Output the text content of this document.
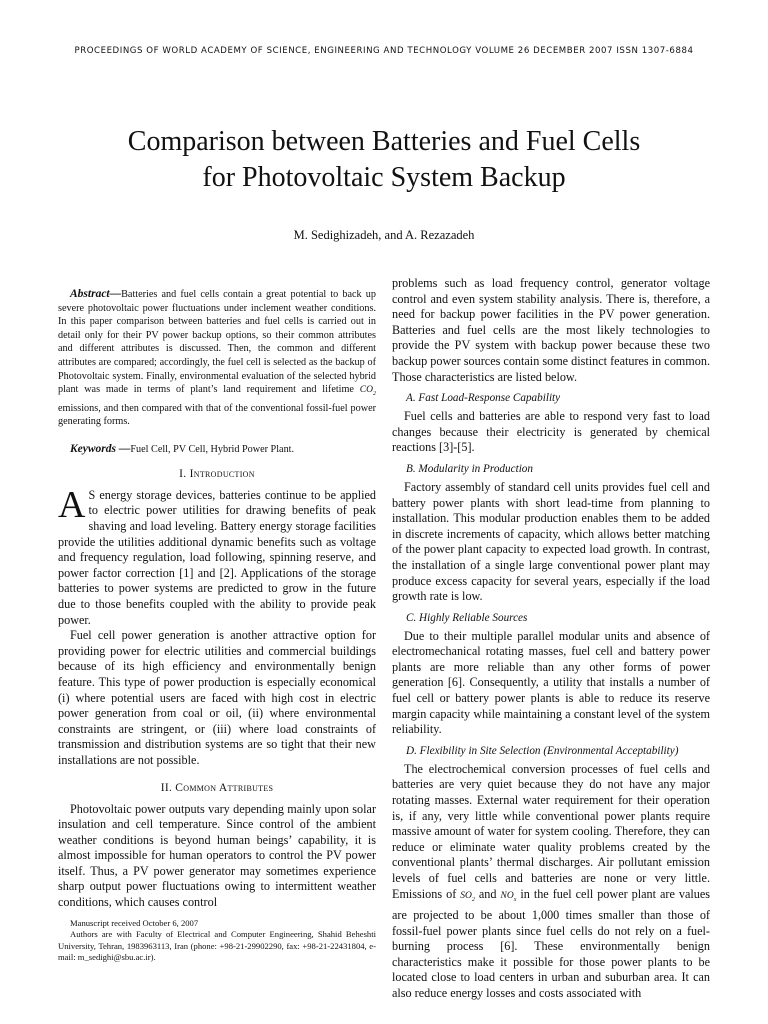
PROCEEDINGS OF WORLD ACADEMY OF SCIENCE, ENGINEERING AND TECHNOLOGY VOLUME 26 DECEMBER 2007 ISSN 1307-6884
Comparison between Batteries and Fuel Cells
for Photovoltaic System Backup
M. Sedighizadeh, and A. Rezazadeh

Abstract—Batteries and fuel cells contain a great potential to back up severe photovoltaic power fluctuations under inclement weather conditions. In this paper comparison between batteries and fuel cells is carried out in detail only for their PV power backup options, so their common attributes and different attributes is discussed. Then, the common and different attributes are compared; accordingly, the fuel cell is selected as the backup of Photovoltaic system. Finally, environmental evaluation of the selected hybrid plant was made in terms of plant’s land requirement and lifetime $CO_2$ emissions, and then compared with that of the conventional fossil-fuel power generating forms.

Keywords —Fuel Cell, PV Cell, Hybrid Power Plant.

I. Introduction

A S energy storage devices, batteries continue to be applied to electric power utilities for drawing benefits of peak shaving and load leveling. Battery energy storage facilities provide the utilities additional dynamic benefits such as voltage and frequency regulation, load following, spinning reserve, and power factor correction [1] and [2]. Applications of the storage batteries to power systems are predicted to grow in the future due to those benefits coupled with the ability to provide peak power.

Fuel cell power generation is another attractive option for providing power for electric utilities and commercial buildings because of its high efficiency and environmentally benign feature. This type of power production is especially economical (i) where potential users are faced with high cost in electric power generation from coal or oil, (ii) where environmental constraints are stringent, or (iii) where load constraints of transmission and distribution systems are so tight that their new installations are not possible.

II. Common Attributes

Photovoltaic power outputs vary depending mainly upon solar insulation and cell temperature. Since control of the ambient weather conditions is beyond human beings’ capability, it is almost impossible for human operators to control the PV power itself. Thus, a PV power generator may sometimes experience sharp output power fluctuations owing to intermittent weather conditions, which causes control

Manuscript received October 6, 2007

Authors are with Faculty of Electrical and Computer Engineering, Shahid Beheshti University, Tehran, 1983963113, Iran (phone: +98-21-29902290, fax: +98-21-22431804, e-mail: m_sedighi@sbu.ac.ir).

problems such as load frequency control, generator voltage control and even system stability analysis. There is, therefore, a need for backup power facilities in the PV power generation. Batteries and fuel cells are the most likely technologies to provide the PV system with backup power because these two backup power sources contain some distinct features in common. Those characteristics are listed below.

A. Fast Load-Response Capability

Fuel cells and batteries are able to respond very fast to load changes because their electricity is generated by chemical reactions [3]-[5].

B. Modularity in Production

Factory assembly of standard cell units provides fuel cell and battery power plants with short lead-time from planning to installation. This modular production enables them to be added in discrete increments of capacity, which allows better matching of the power plant capacity to expected load growth. In contrast, the installation of a single large conventional power plant may produce excess capacity for several years, especially if the load growth rate is low.

C. Highly Reliable Sources

Due to their multiple parallel modular units and absence of electromechanical rotating masses, fuel cell and battery power plants are more reliable than any other forms of power generation [6]. Consequently, a utility that installs a number of fuel cell or battery power plants is able to reduce its reserve margin capacity while maintaining a constant level of the system reliability.

D. Flexibility in Site Selection (Environmental Acceptability)

The electrochemical conversion processes of fuel cells and batteries are very quiet because they do not have any major rotating masses. External water requirement for their operation is, if any, very little while conventional power plants require massive amount of water for system cooling. Therefore, they can reduce or eliminate water quality problems created by the conventional plants’ thermal discharges. Air pollutant emission levels of fuel cells and batteries are none or very little. Emissions of $SO_2$ and $NO_x$ in the fuel cell power plant are values are projected to be about 1,000 times smaller than those of fossil-fuel power plants since fuel cells do not rely on a fuel-burning process [6]. These environmentally benign characteristics make it possible for those power plants to be located close to load centers in urban and suburban area. It can also reduce energy losses and costs associated with
